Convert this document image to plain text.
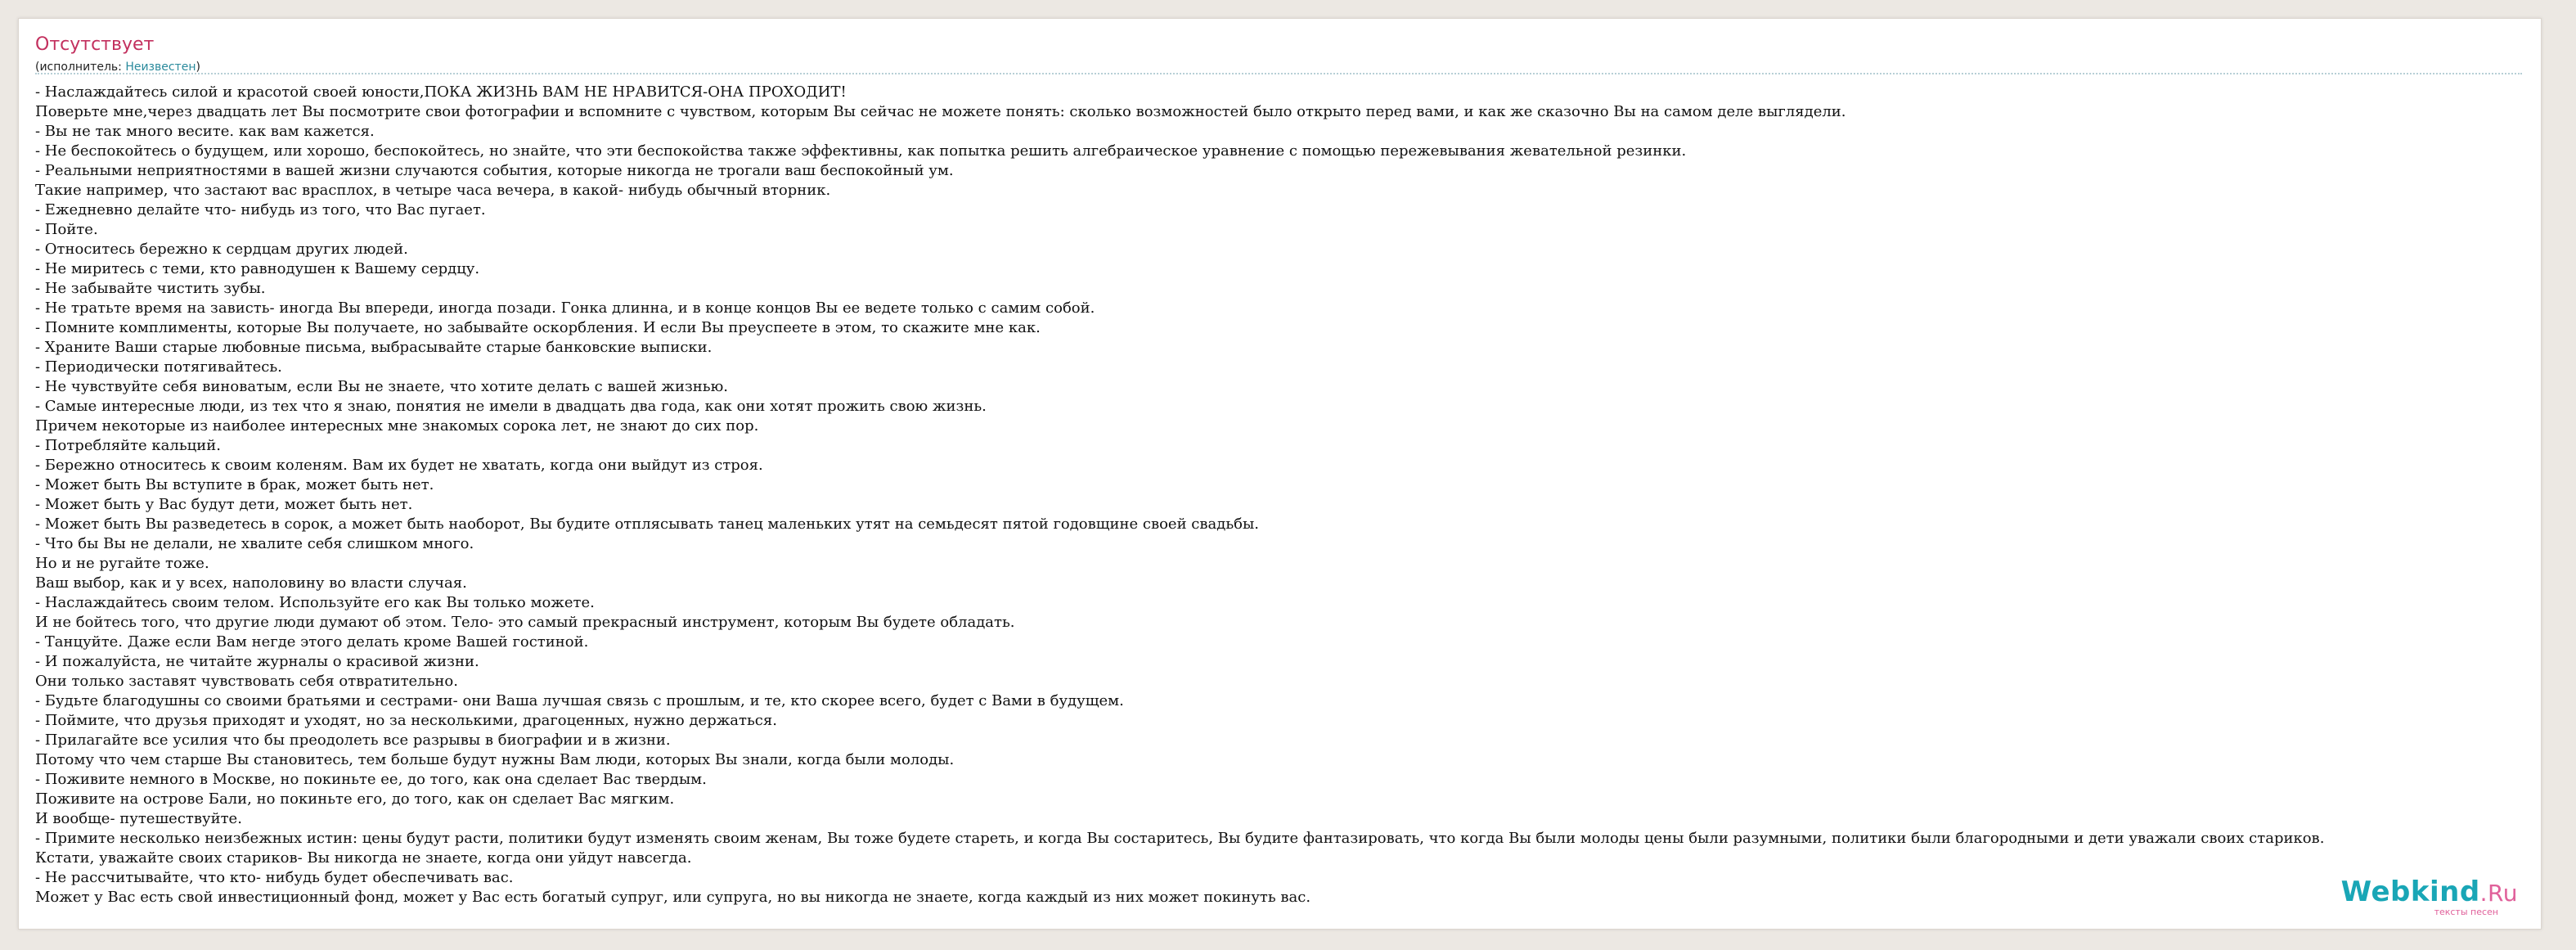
Отсутствует
(исполнитель: Неизвестен)
- Наслаждайтесь силой и красотой своей юности,ПОКА ЖИЗНЬ ВАМ НЕ НРАВИТСЯ-ОНА ПРОХОДИТ!
Поверьте мне,через двадцать лет Вы посмотрите свои фотографии и вспомните с чувством, которым Вы сейчас не можете понять: сколько возможностей было открыто перед вами, и как же сказочно Вы на самом деле выглядели.
- Вы не так много весите. как вам кажется.
- Не беспокойтесь о будущем, или хорошо, беспокойтесь, но знайте, что эти беспокойства также эффективны, как попытка решить алгебраическое уравнение с помощью пережевывания жевательной резинки.
- Реальными неприятностями в вашей жизни случаются события, которые никогда не трогали ваш беспокойный ум.
Такие например, что застают вас врасплох, в четыре часа вечера, в какой- нибудь обычный вторник.
- Ежедневно делайте что- нибудь из того, что Вас пугает.
- Пойте.
- Относитесь бережно к сердцам других людей.
- Не миритесь с теми, кто равнодушен к Вашему сердцу.
- Не забывайте чистить зубы.
- Не тратьте время на зависть- иногда Вы впереди, иногда позади. Гонка длинна, и в конце концов Вы ее ведете только с самим собой.
- Помните комплименты, которые Вы получаете, но забывайте оскорбления. И если Вы преуспеете в этом, то скажите мне как.
- Храните Ваши старые любовные письма, выбрасывайте старые банковские выписки.
- Периодически потягивайтесь.
- Не чувствуйте себя виноватым, если Вы не знаете, что хотите делать с вашей жизнью.
- Самые интересные люди, из тех что я знаю, понятия не имели в двадцать два года, как они хотят прожить свою жизнь.
Причем некоторые из наиболее интересных мне знакомых сорока лет, не знают до сих пор.
- Потребляйте кальций.
- Бережно относитесь к своим коленям. Вам их будет не хватать, когда они выйдут из строя.
- Может быть Вы вступите в брак, может быть нет.
- Может быть у Вас будут дети, может быть нет.
- Может быть Вы разведетесь в сорок, а может быть наоборот, Вы будите отплясывать танец маленьких утят на семьдесят пятой годовщине своей свадьбы.
- Что бы Вы не делали, не хвалите себя слишком много.
Но и не ругайте тоже.
Ваш выбор, как и у всех, наполовину во власти случая.
- Наслаждайтесь своим телом. Используйте его как Вы только можете.
И не бойтесь того, что другие люди думают об этом. Тело- это самый прекрасный инструмент, которым Вы будете обладать.
- Танцуйте. Даже если Вам негде этого делать кроме Вашей гостиной.
- И пожалуйста, не читайте журналы о красивой жизни.
Они только заставят чувствовать себя отвратительно.
- Будьте благодушны со своими братьями и сестрами- они Ваша лучшая связь с прошлым, и те, кто скорее всего, будет с Вами в будущем.
- Поймите, что друзья приходят и уходят, но за несколькими, драгоценных, нужно держаться.
- Прилагайте все усилия что бы преодолеть все разрывы в биографии и в жизни.
Потому что чем старше Вы становитесь, тем больше будут нужны Вам люди, которых Вы знали, когда были молоды.
- Поживите немного в Москве, но покиньте ее, до того, как она сделает Вас твердым.
Поживите на острове Бали, но покиньте его, до того, как он сделает Вас мягким.
И вообще- путешествуйте.
- Примите несколько неизбежных истин: цены будут расти, политики будут изменять своим женам, Вы тоже будете стареть, и когда Вы состаритесь, Вы будите фантазировать, что когда Вы были молоды цены были разумными, политики были благородными и дети уважали своих стариков.
Кстати, уважайте своих стариков- Вы никогда не знаете, когда они уйдут навсегда.
- Не рассчитывайте, что кто- нибудь будет обеспечивать вас.
Может у Вас есть свой инвестиционный фонд, может у Вас есть богатый супруг, или супруга, но вы никогда не знаете, когда каждый из них может покинуть вас.	Webkind.Ru
тексты песен
